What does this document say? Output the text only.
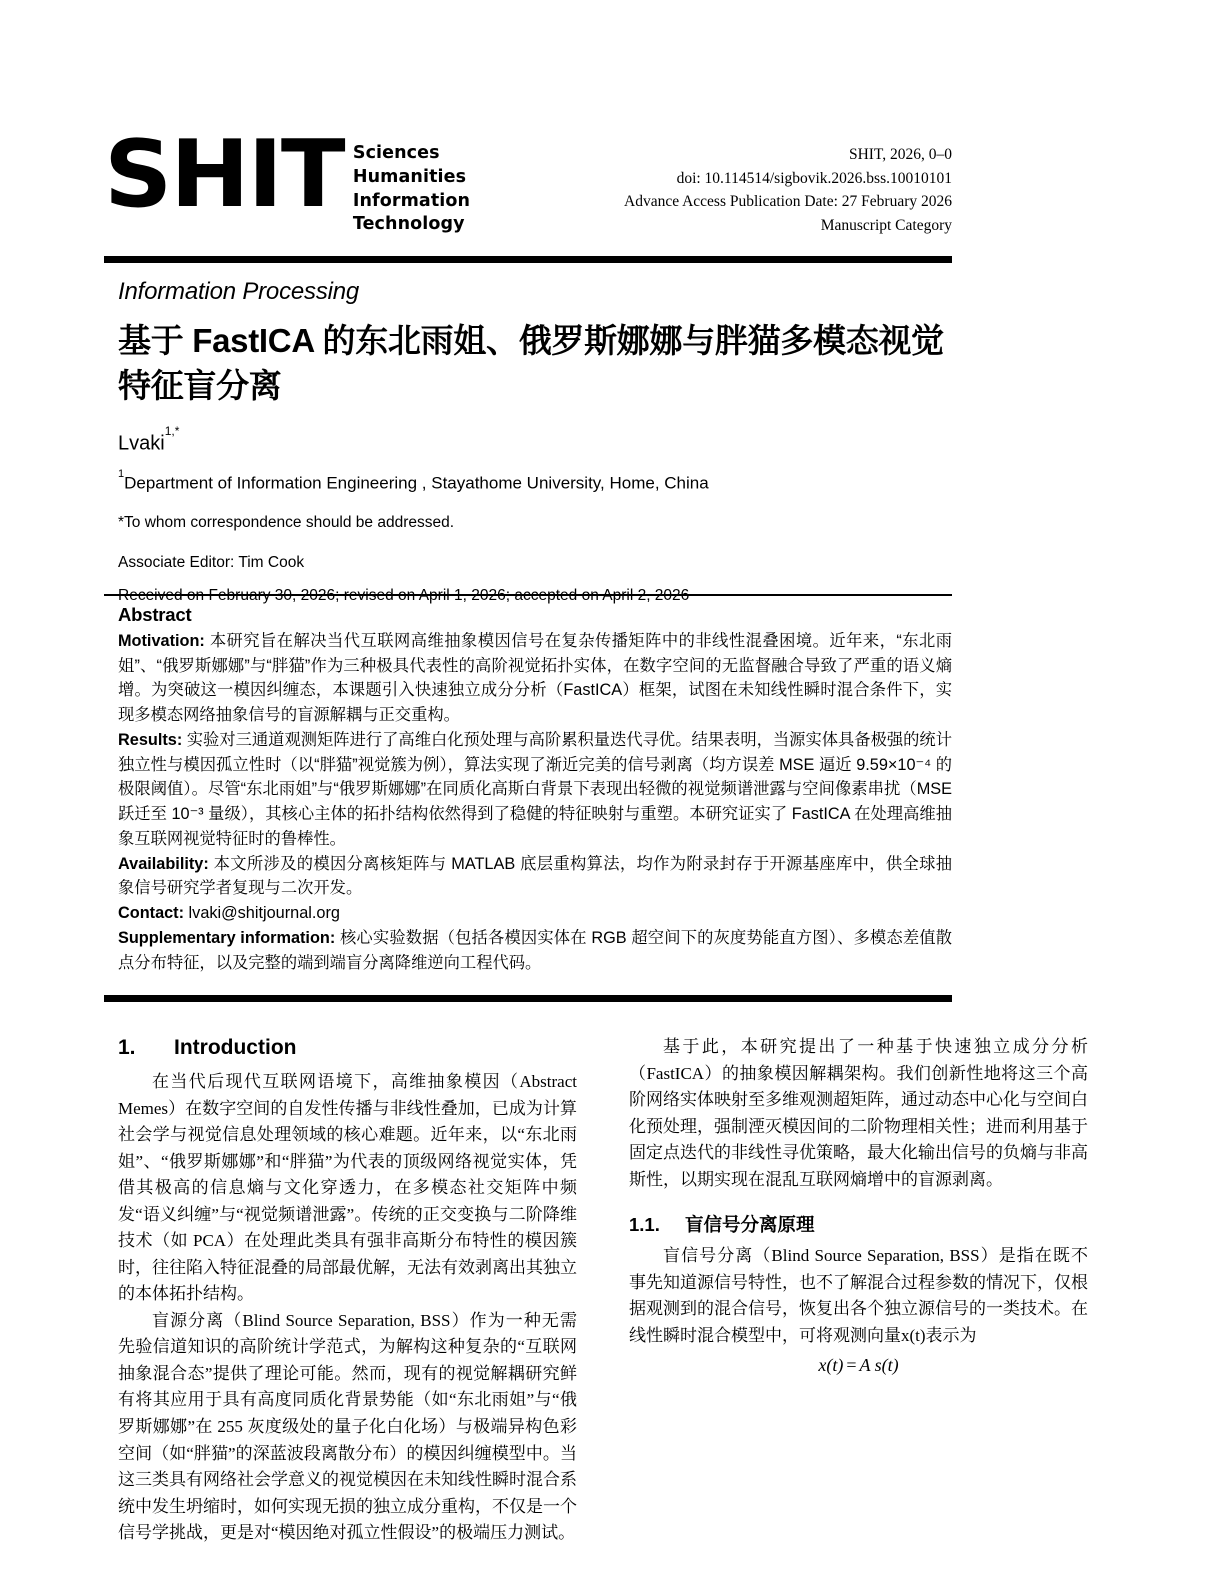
SHIT Sciences
Humanities
Information
Technology
SHIT, 2026, 0–0
doi: 10.114514/sigbovik.2026.bss.10010101
Advance Access Publication Date: 27 February 2026
Manuscript Category
Information Processing
基于 FastICA 的东北雨姐、俄罗斯娜娜与胖猫多模态视觉特征盲分离
Lvaki$^{1,*}$
$^1$Department of Information Engineering , Stayathome University, Home, China
*To whom correspondence should be addressed.
Associate Editor: Tim Cook
Abstract

Motivation: 本研究旨在解决当代互联网高维抽象模因信号在复杂传播矩阵中的非线性混叠困境。近年来，“东北雨姐”、“俄罗斯娜娜”与“胖猫”作为三种极具代表性的高阶视觉拓扑实体，在数字空间的无监督融合导致了严重的语义熵增。为突破这一模因纠缠态，本课题引入快速独立成分分析（FastICA）框架，试图在未知线性瞬时混合条件下，实现多模态网络抽象信号的盲源解耦与正交重构。

Results: 实验对三通道观测矩阵进行了高维白化预处理与高阶累积量迭代寻优。结果表明，当源实体具备极强的统计独立性与模因孤立性时（以“胖猫”视觉簇为例），算法实现了渐近完美的信号剥离（均方误差 MSE 逼近 9.59×10⁻⁴ 的极限阈值）。尽管“东北雨姐”与“俄罗斯娜娜”在同质化高斯白背景下表现出轻微的视觉频谱泄露与空间像素串扰（MSE 跃迁至 10⁻³ 量级），其核心主体的拓扑结构依然得到了稳健的特征映射与重塑。本研究证实了 FastICA 在处理高维抽象互联网视觉特征时的鲁棒性。

Availability: 本文所涉及的模因分离核矩阵与 MATLAB 底层重构算法，均作为附录封存于开源基座库中，供全球抽象信号研究学者复现与二次开发。

Contact: lvaki@shitjournal.org

Supplementary information: 核心实验数据（包括各模因实体在 RGB 超空间下的灰度势能直方图）、多模态差值散点分布特征，以及完整的端到端盲分离降维逆向工程代码。

1.	Introduction

在当代后现代互联网语境下，高维抽象模因（Abstract Memes）在数字空间的自发性传播与非线性叠加，已成为计算社会学与视觉信息处理领域的核心难题。近年来，以“东北雨姐”、“俄罗斯娜娜”和“胖猫”为代表的顶级网络视觉实体，凭借其极高的信息熵与文化穿透力，在多模态社交矩阵中频发“语义纠缠”与“视觉频谱泄露”。传统的正交变换与二阶降维技术（如 PCA）在处理此类具有强非高斯分布特性的模因簇时，往往陷入特征混叠的局部最优解，无法有效剥离出其独立的本体拓扑结构。

盲源分离（Blind Source Separation, BSS）作为一种无需先验信道知识的高阶统计学范式，为解构这种复杂的“互联网抽象混合态”提供了理论可能。然而，现有的视觉解耦研究鲜有将其应用于具有高度同质化背景势能（如“东北雨姐”与“俄罗斯娜娜”在 255 灰度级处的量子化白化场）与极端异构色彩空间（如“胖猫”的深蓝波段离散分布）的模因纠缠模型中。当这三类具有网络社会学意义的视觉模因在未知线性瞬时混合系统中发生坍缩时，如何实现无损的独立成分重构，不仅是一个信号学挑战，更是对“模因绝对孤立性假设”的极端压力测试。

基于此，本研究提出了一种基于快速独立成分分析（FastICA）的抽象模因解耦架构。我们创新性地将这三个高阶网络实体映射至多维观测超矩阵，通过动态中心化与空间白化预处理，强制湮灭模因间的二阶物理相关性；进而利用基于固定点迭代的非线性寻优策略，最大化输出信号的负熵与非高斯性，以期实现在混乱互联网熵增中的盲源剥离。

1.1.	盲信号分离原理

盲信号分离（Blind Source Separation, BSS）是指在既不事先知道源信号特性，也不了解混合过程参数的情况下，仅根据观测到的混合信号，恢复出各个独立源信号的一类技术。在线性瞬时混合模型中，可将观测向量x(t)表示为

x(t) = A s(t)
